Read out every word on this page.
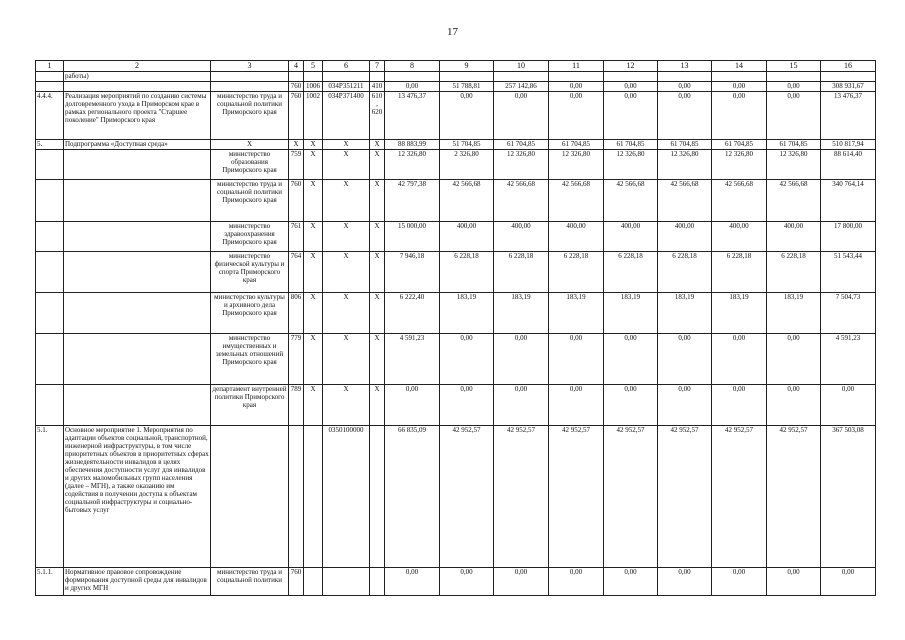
17
1	2	3	4	5	6	7	8	9	10	11	12	13	14	15	16
	работы)														
			760	1006	034P351211	410	0,00	51 788,81	257 142,86	0,00	0,00	0,00	0,00	0,00	308 931,67
4.4.4.	Реализация мероприятий по созданию системы долговременного ухода в Приморском крае в рамках регионального проекта "Старшее поколение" Приморского края	министерство труда и социальной политики Приморского края	760	1002	034P371400	610, 620	13 476,37	0,00	0,00	0,00	0,00	0,00	0,00	0,00	13 476,37
5.	Подпрограмма «Доступная среда»	X	X	X	X	X	88 883,99	51 704,85	61 704,85	61 704,85	61 704,85	61 704,85	61 704,85	61 704,85	510 817,94
		министерство образования Приморского края	759	X	X	X	12 326,80	2 326,80	12 326,80	12 326,80	12 326,80	12 326,80	12 326,80	12 326,80	88 614,40
		министерство труда и социальной политики Приморского края	760	X	X	X	42 797,38	42 566,68	42 566,68	42 566,68	42 566,68	42 566,68	42 566,68	42 566,68	340 764,14
		министерство здравоохранения Приморского края	761	X	X	X	15 000,00	400,00	400,00	400,00	400,00	400,00	400,00	400,00	17 800,00
		министерство физической культуры и спорта Приморского края	764	X	X	X	7 946,18	6 228,18	6 228,18	6 228,18	6 228,18	6 228,18	6 228,18	6 228,18	51 543,44
		министерство культуры и архивного дела Приморского края	806	X	X	X	6 222,40	183,19	183,19	183,19	183,19	183,19	183,19	183,19	7 504,73
		министерство имущественных и земельных отношений Приморского края	779	X	X	X	4 591,23	0,00	0,00	0,00	0,00	0,00	0,00	0,00	4 591,23
		департамент внутренней политики Приморского края	789	X	X	X	0,00	0,00	0,00	0,00	0,00	0,00	0,00	0,00	0,00
5.1.	Основное мероприятие 1. Мероприятия по адаптации объектов социальной, транспортной, инженерной инфраструктуры, в том числе приоритетных объектов в приоритетных сферах жизнедеятельности инвалидов в целях обеспечения доступности услуг для инвалидов и других маломобильных групп населения (далее – МГН), а также оказанию им содействия в получении доступа к объектам социальной инфраструктуры и социально-бытовых услуг				0350100000		66 835,09	42 952,57	42 952,57	42 952,57	42 952,57	42 952,57	42 952,57	42 952,57	367 503,08
5.1.1.	Нормативное правовое сопровождение формирования доступной среды для инвалидов и других МГН	министерство труда и социальной политики	760				0,00	0,00	0,00	0,00	0,00	0,00	0,00	0,00	0,00
